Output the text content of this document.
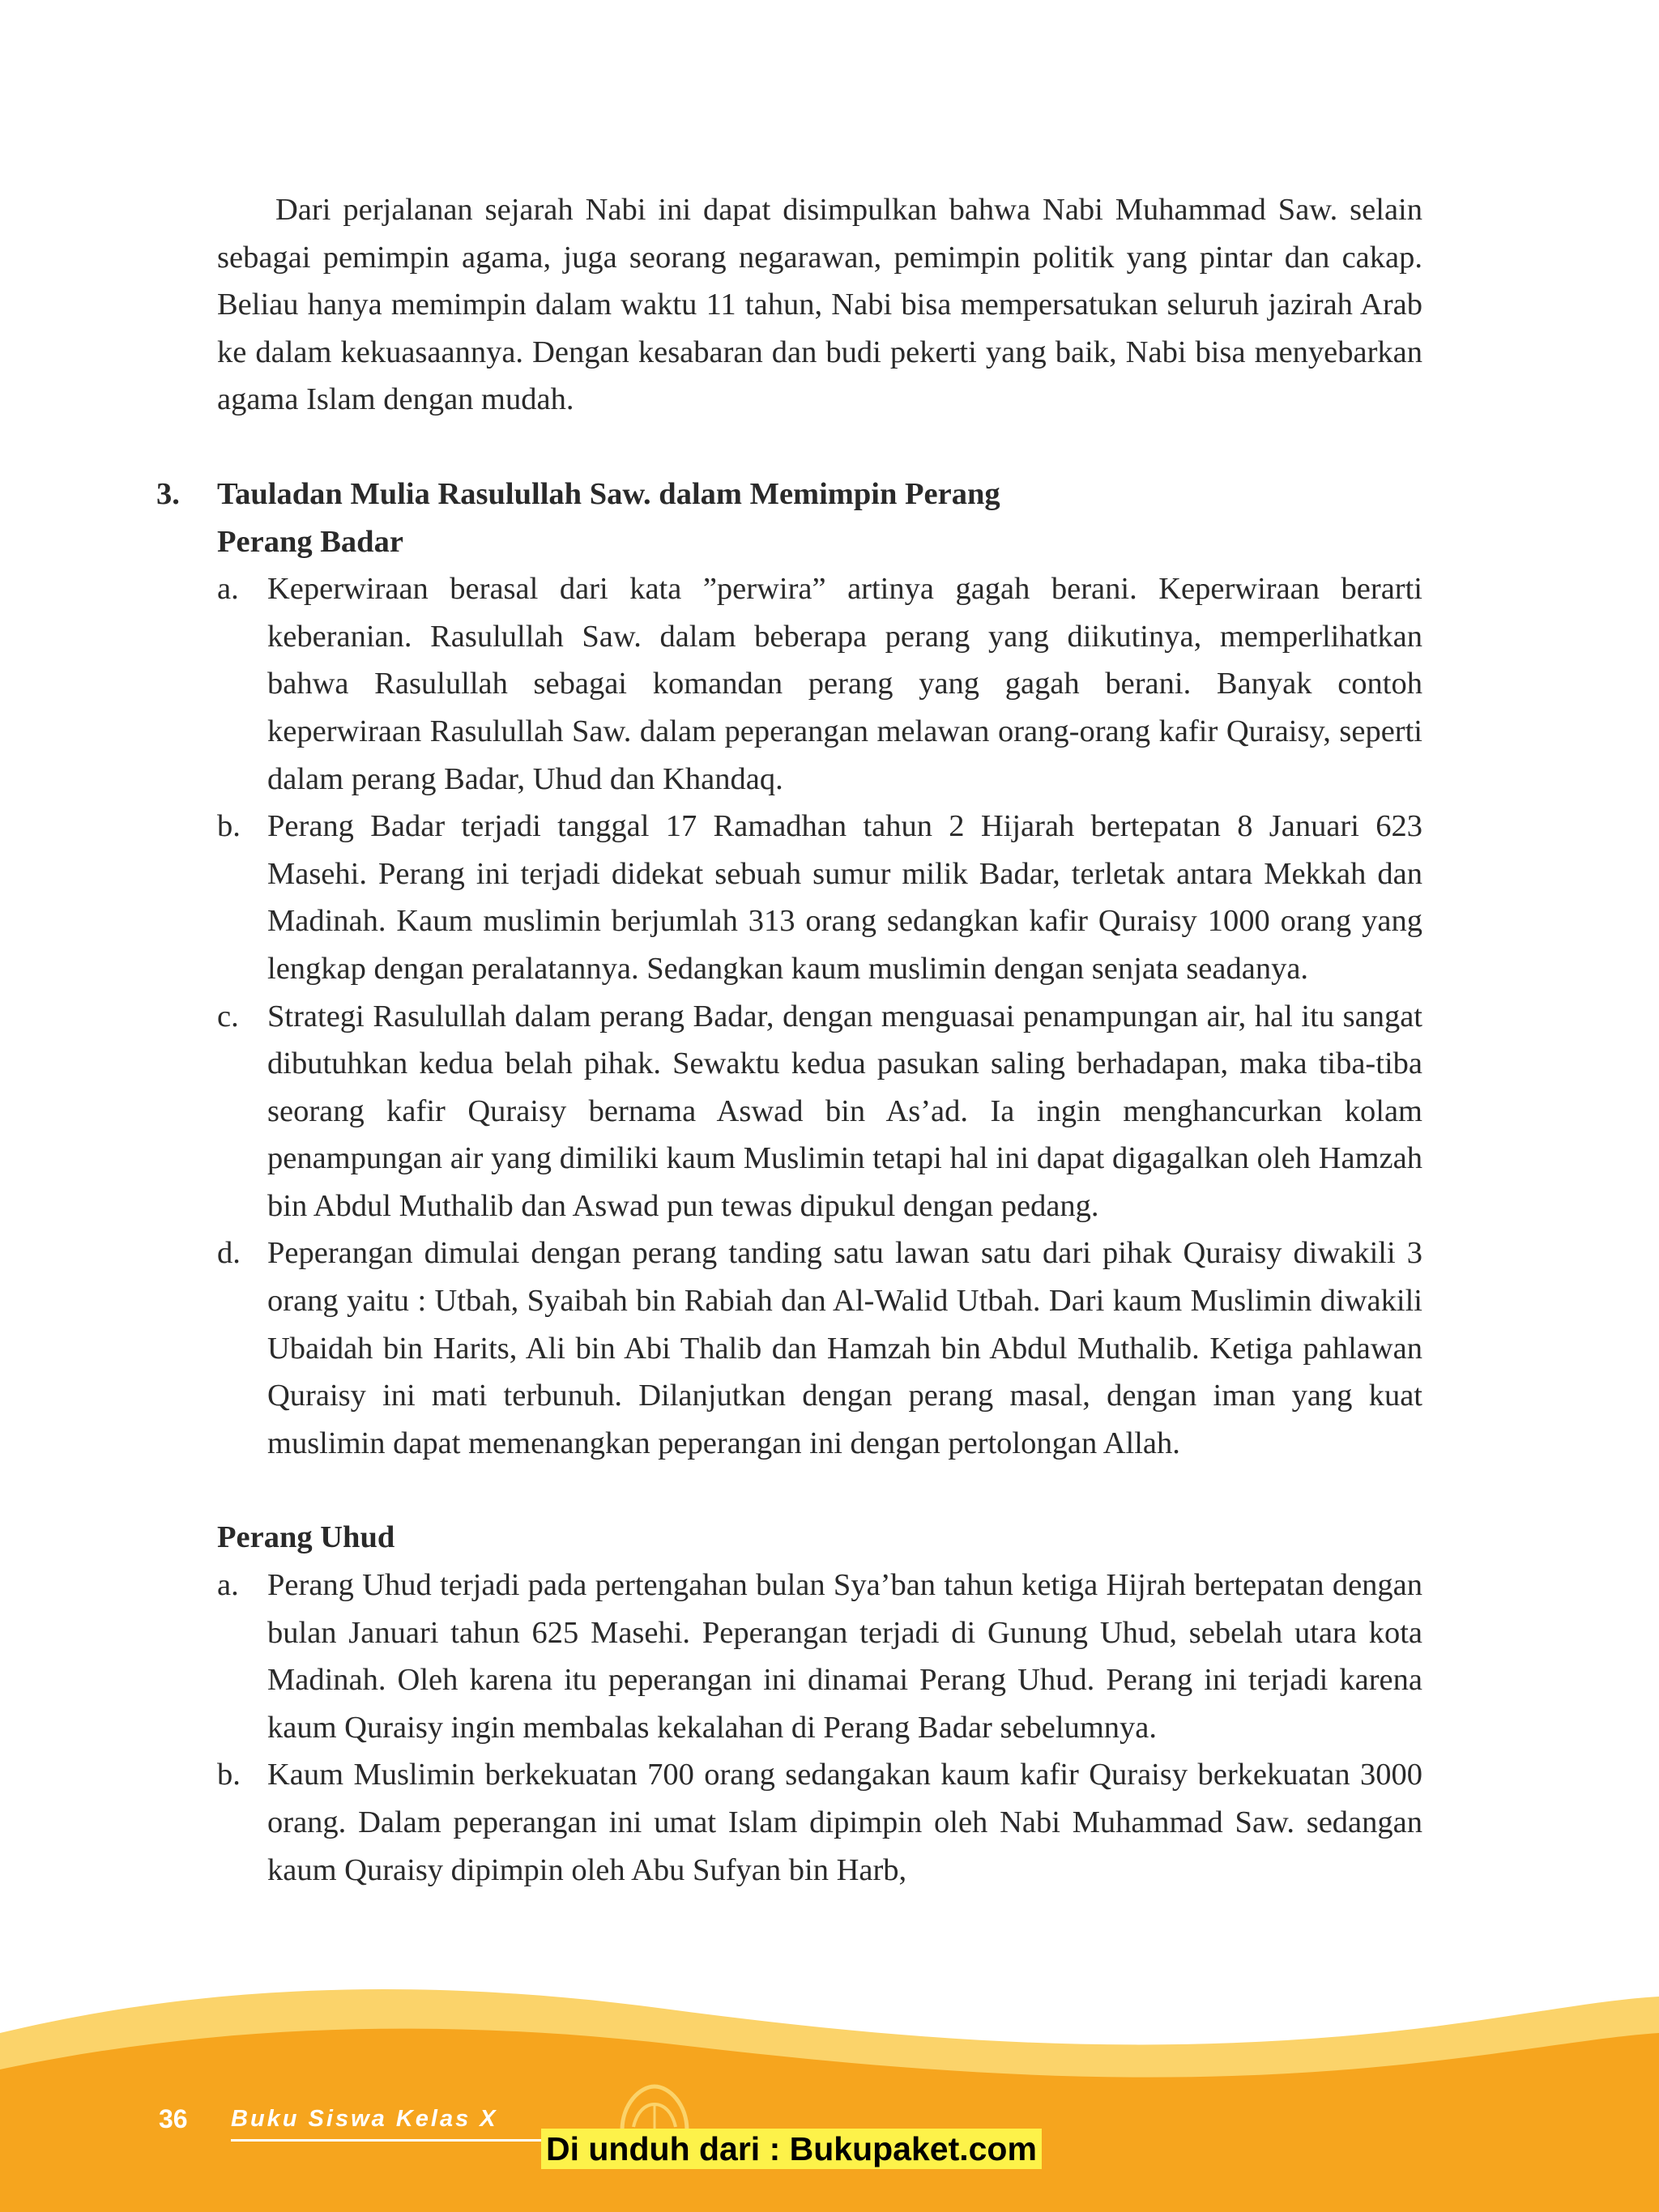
Dari perjalanan sejarah Nabi ini dapat disimpulkan bahwa Nabi Muhammad Saw. selain sebagai pemimpin agama, juga seorang negarawan, pemimpin politik yang pintar dan cakap. Beliau hanya memimpin dalam waktu 11 tahun, Nabi bisa mempersatukan seluruh jazirah Arab ke dalam kekuasaannya. Dengan kesabaran dan budi pekerti yang baik, Nabi bisa menyebarkan agama Islam dengan mudah.

3. Tauladan Mulia Rasulullah Saw. dalam Memimpin Perang
Perang Badar
a. Keperwiraan berasal dari kata ”perwira” artinya gagah berani. Keperwiraan berarti keberanian. Rasulullah Saw. dalam beberapa perang yang diikutinya, memperlihatkan bahwa Rasulullah sebagai komandan perang yang gagah berani. Banyak contoh keperwiraan Rasulullah Saw. dalam peperangan melawan orang-orang kafir Quraisy, seperti dalam perang Badar, Uhud dan Khandaq.
b. Perang Badar terjadi tanggal 17 Ramadhan tahun 2 Hijarah bertepatan 8 Januari 623 Masehi. Perang ini terjadi didekat sebuah sumur milik Badar, terletak antara Mekkah dan Madinah. Kaum muslimin berjumlah 313 orang sedangkan kafir Quraisy 1000 orang yang lengkap dengan peralatannya. Sedangkan kaum muslimin dengan senjata seadanya.
c. Strategi Rasulullah dalam perang Badar, dengan menguasai penampungan air, hal itu sangat dibutuhkan kedua belah pihak. Sewaktu kedua pasukan saling berhadapan, maka tiba-tiba seorang kafir Quraisy bernama Aswad bin As’ad. Ia ingin menghancurkan kolam penampungan air yang dimiliki kaum Muslimin tetapi hal ini dapat digagalkan oleh Hamzah bin Abdul Muthalib dan Aswad pun tewas dipukul dengan pedang.
d. Peperangan dimulai dengan perang tanding satu lawan satu dari pihak Quraisy diwakili 3 orang yaitu : Utbah, Syaibah bin Rabiah dan Al-Walid Utbah. Dari kaum Muslimin diwakili Ubaidah bin Harits, Ali bin Abi Thalib dan Hamzah bin Abdul Muthalib. Ketiga pahlawan Quraisy ini mati terbunuh. Dilanjutkan dengan perang masal, dengan iman yang kuat muslimin dapat memenangkan peperangan ini dengan pertolongan Allah.
Perang Uhud
a. Perang Uhud terjadi pada pertengahan bulan Sya’ban tahun ketiga Hijrah bertepatan dengan bulan Januari tahun 625 Masehi. Peperangan terjadi di Gunung Uhud, sebelah utara kota Madinah. Oleh karena itu peperangan ini dinamai Perang Uhud. Perang ini terjadi karena kaum Quraisy ingin membalas kekalahan di Perang Badar sebelumnya.
b. Kaum Muslimin berkekuatan 700 orang sedangakan kaum kafir Quraisy berkekuatan 3000 orang. Dalam peperangan ini umat Islam dipimpin oleh Nabi Muhammad Saw. sedangan kaum Quraisy dipimpin oleh Abu Sufyan bin Harb,
36 Buku Siswa Kelas X
Di unduh dari : Bukupaket.com
